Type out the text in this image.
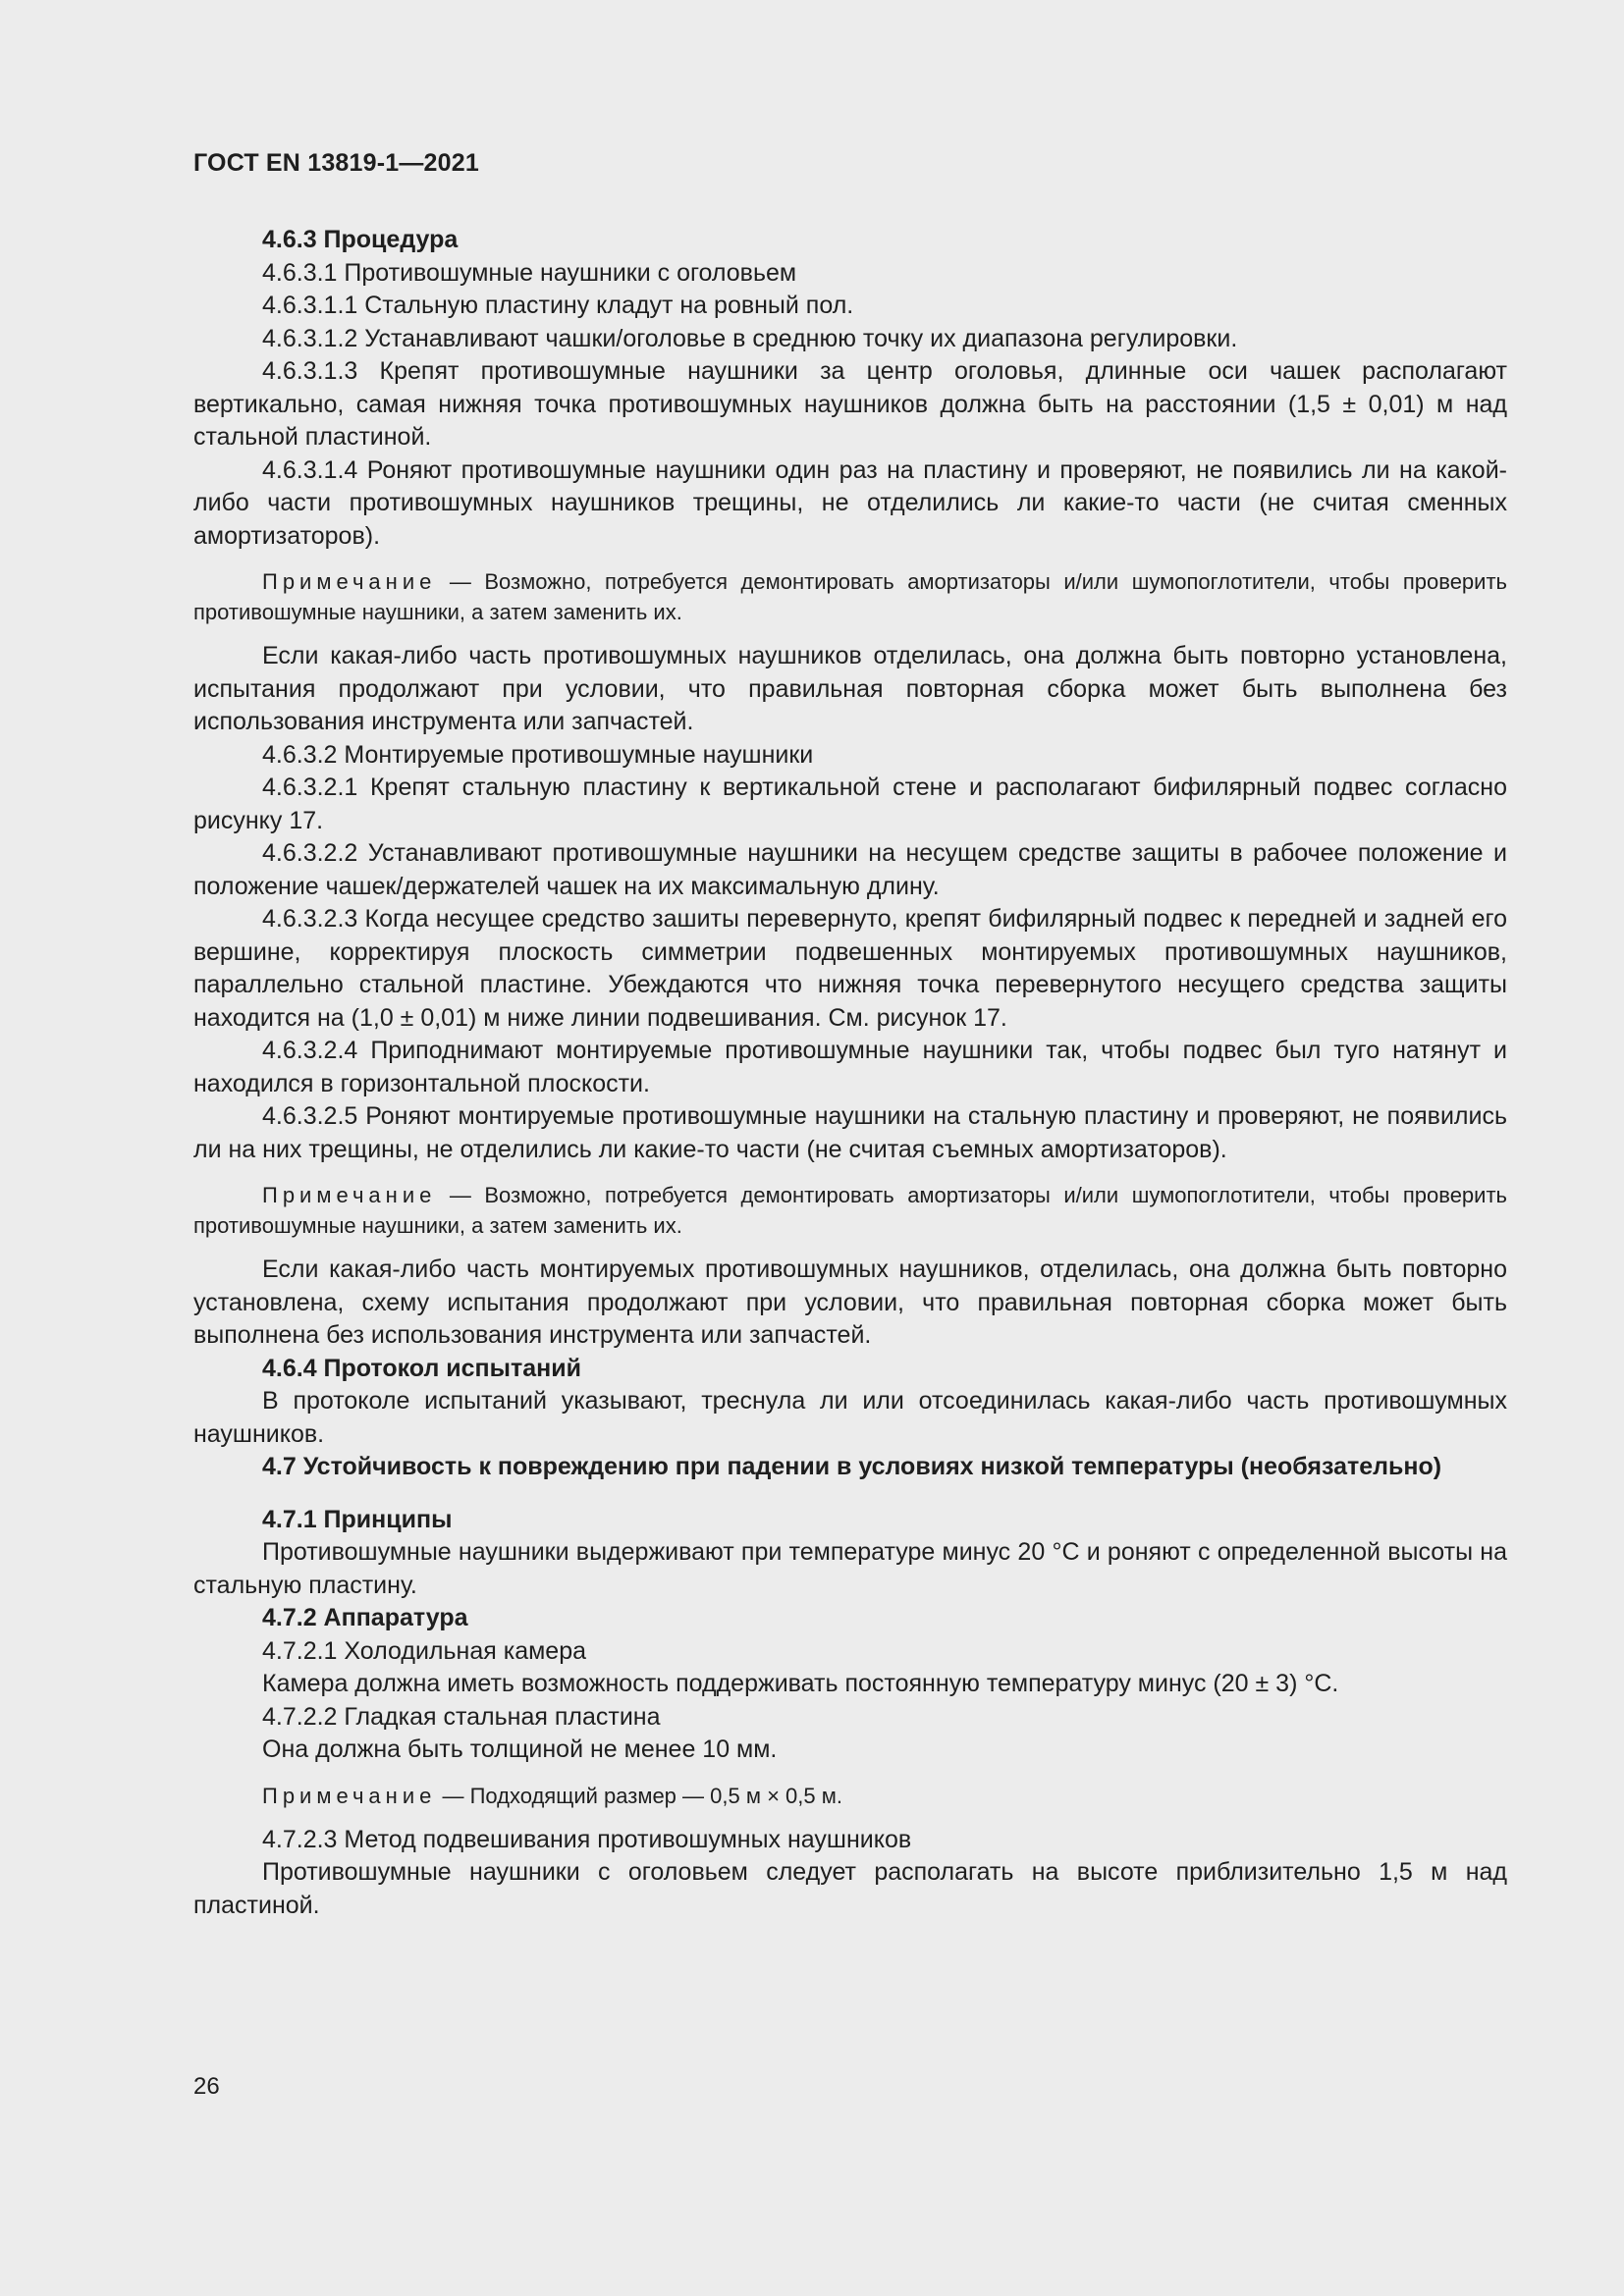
ГОСТ EN 13819-1—2021

4.6.3 Процедура

4.6.3.1 Противошумные наушники с оголовьем

4.6.3.1.1 Стальную пластину кладут на ровный пол.

4.6.3.1.2 Устанавливают чашки/оголовье в среднюю точку их диапазона регулировки.

4.6.3.1.3 Крепят противошумные наушники за центр оголовья, длинные оси чашек располагают вертикально, самая нижняя точка противошумных наушников должна быть на расстоянии (1,5 ± 0,01) м над стальной пластиной.

4.6.3.1.4 Роняют противошумные наушники один раз на пластину и проверяют, не появились ли на какой-либо части противошумных наушников трещины, не отделились ли какие-то части (не считая сменных амортизаторов).

Примечание — Возможно, потребуется демонтировать амортизаторы и/или шумопоглотители, чтобы проверить противошумные наушники, а затем заменить их.

Если какая-либо часть противошумных наушников отделилась, она должна быть повторно установлена, испытания продолжают при условии, что правильная повторная сборка может быть выполнена без использования инструмента или запчастей.

4.6.3.2 Монтируемые противошумные наушники

4.6.3.2.1 Крепят стальную пластину к вертикальной стене и располагают бифилярный подвес согласно рисунку 17.

4.6.3.2.2 Устанавливают противошумные наушники на несущем средстве защиты в рабочее положение и положение чашек/держателей чашек на их максимальную длину.

4.6.3.2.3 Когда несущее средство зашиты перевернуто, крепят бифилярный подвес к передней и задней его вершине, корректируя плоскость симметрии подвешенных монтируемых противошумных наушников, параллельно стальной пластине. Убеждаются что нижняя точка перевернутого несущего средства защиты находится на (1,0 ± 0,01) м ниже линии подвешивания. См. рисунок 17.

4.6.3.2.4 Приподнимают монтируемые противошумные наушники так, чтобы подвес был туго натянут и находился в горизонтальной плоскости.

4.6.3.2.5 Роняют монтируемые противошумные наушники на стальную пластину и проверяют, не появились ли на них трещины, не отделились ли какие-то части (не считая съемных амортизаторов).

Примечание — Возможно, потребуется демонтировать амортизаторы и/или шумопоглотители, чтобы проверить противошумные наушники, а затем заменить их.

Если какая-либо часть монтируемых противошумных наушников, отделилась, она должна быть повторно установлена, схему испытания продолжают при условии, что правильная повторная сборка может быть выполнена без использования инструмента или запчастей.

4.6.4 Протокол испытаний

В протоколе испытаний указывают, треснула ли или отсоединилась какая-либо часть противошумных наушников.

4.7 Устойчивость к повреждению при падении в условиях низкой температуры (необязательно)

4.7.1 Принципы

Противошумные наушники выдерживают при температуре минус 20 °С и роняют с определенной высоты на стальную пластину.

4.7.2 Аппаратура

4.7.2.1 Холодильная камера

Камера должна иметь возможность поддерживать постоянную температуру минус (20 ± 3) °С.

4.7.2.2 Гладкая стальная пластина

Она должна быть толщиной не менее 10 мм.

Примечание — Подходящий размер — 0,5 м × 0,5 м.

4.7.2.3 Метод подвешивания противошумных наушников

Противошумные наушники с оголовьем следует располагать на высоте приблизительно 1,5 м над пластиной.

26
